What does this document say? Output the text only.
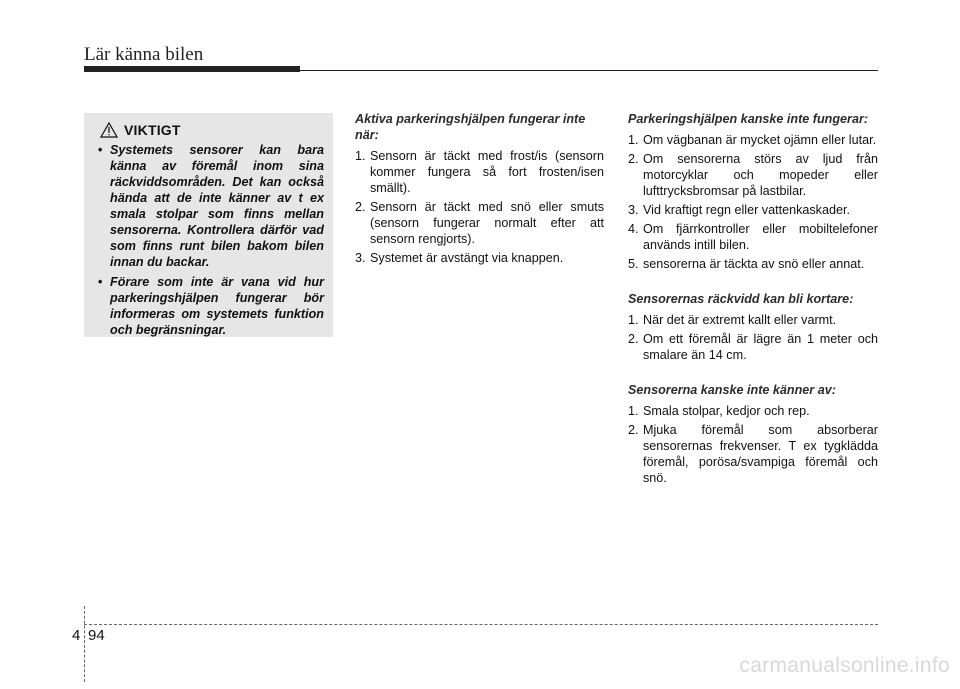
Lär känna bilen
VIKTIGT
• Systemets sensorer kan bara känna av föremål inom sina räckviddsområden. Det kan också hända att de inte känner av t ex smala stolpar som finns mellan sensorerna. Kontrollera därför vad som finns runt bilen bakom bilen innan du backar.
• Förare som inte är vana vid hur parkeringshjälpen fungerar bör informeras om systemets funktion och begränsningar.
Aktiva parkeringshjälpen fungerar inte när:
1. Sensorn är täckt med frost/is (sensorn kommer fungera så fort frosten/isen smällt).
2. Sensorn är täckt med snö eller smuts (sensorn fungerar normalt efter att sensorn rengjorts).
3. Systemet är avstängt via knappen.
Parkeringshjälpen kanske inte fungerar:
1. Om vägbanan är mycket ojämn eller lutar.
2. Om sensorerna störs av ljud från motorcyklar och mopeder eller lufttrycksbromsar på lastbilar.
3. Vid kraftigt regn eller vattenkaskader.
4. Om fjärrkontroller eller mobiltelefoner används intill bilen.
5. sensorerna är täckta av snö eller annat.
Sensorernas räckvidd kan bli kortare:
1. När det är extremt kallt eller varmt.
2. Om ett föremål är lägre än 1 meter och smalare än 14 cm.
Sensorerna kanske inte känner av:
1. Smala stolpar, kedjor och rep.
2. Mjuka föremål som absorberar sensorernas frekvenser. T ex tygklädda föremål, porösa/svampiga föremål och snö.
4 94
carmanualsonline.info
